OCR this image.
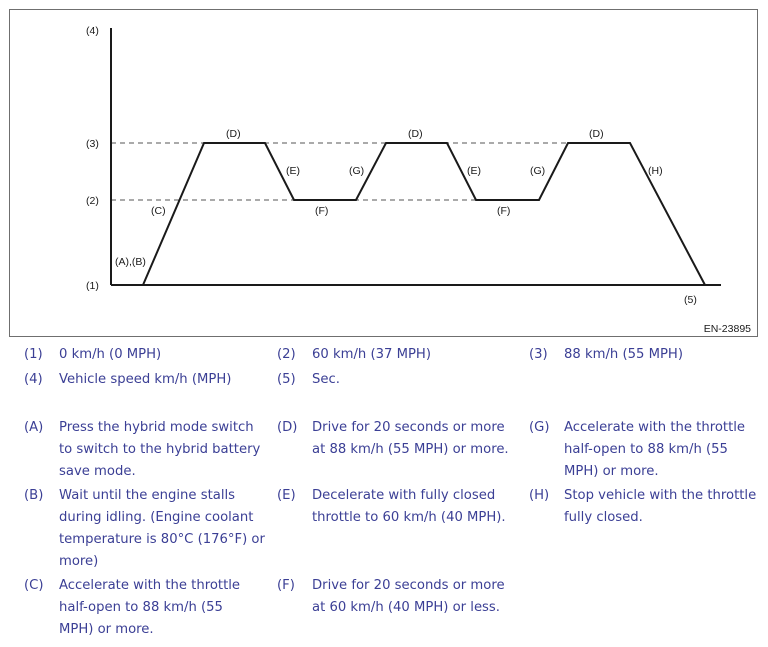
(4)
(3)
(2)
(1)
(5)
(A),(B)
(C)
(D)
(E)
(F)
(G)
(D)
(E)
(F)
(G)
(D)
(H)
EN-23895
(1) 0 km/h (0 MPH)	(2) 60 km/h (37 MPH)	(3) 88 km/h (55 MPH)
(4) Vehicle speed km/h (MPH)	(5) Sec.
(A) Press the hybrid mode switch to switch to the hybrid battery save mode.
(B) Wait until the engine stalls during idling. (Engine coolant temperature is 80°C (176°F) or more)
(C) Accelerate with the throttle half-open to 88 km/h (55 MPH) or more.
(D) Drive for 20 seconds or more at 88 km/h (55 MPH) or more.
(E) Decelerate with fully closed throttle to 60 km/h (40 MPH).
(F) Drive for 20 seconds or more at 60 km/h (40 MPH) or less.
(G) Accelerate with the throttle half-open to 88 km/h (55 MPH) or more.
(H) Stop vehicle with the throttle fully closed.
